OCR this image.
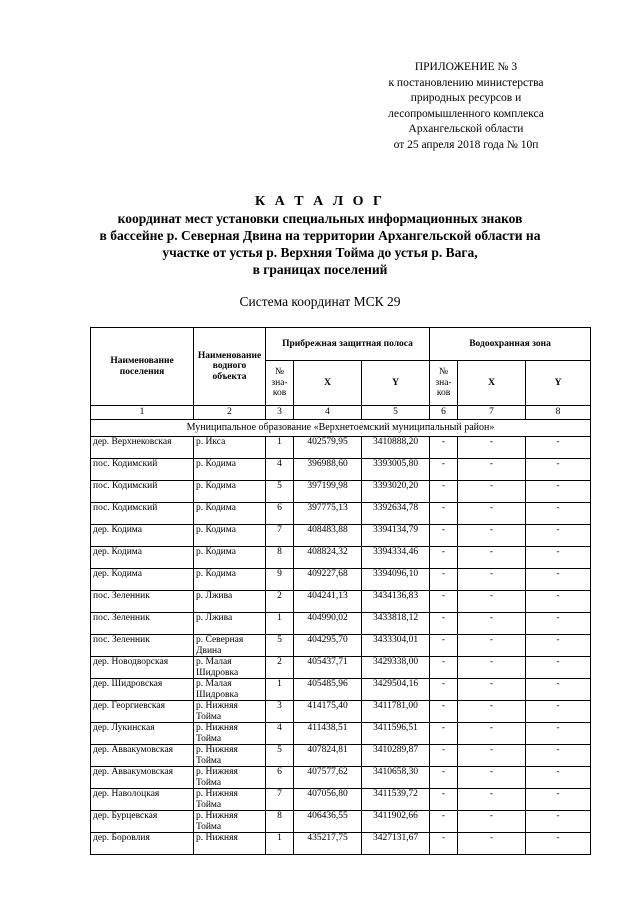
ПРИЛОЖЕНИЕ № 3
к постановлению министерства
природных ресурсов и
лесопромышленного комплекса
Архангельской области
от 25 апреля 2018 года № 10п
К А Т А Л О Г
координат мест установки специальных информационных знаков
в бассейне р. Северная Двина на территории Архангельской области на
участке от устья р. Верхняя Тойма до устья р. Вага,
в границах поселений
Система координат МСК 29
Наименование поселения	Наименование водного объекта	Прибрежная защитная полоса			Водоохранная зона		
		№ зна- ков	X	Y	№ зна- ков	X	Y
1	2	3	4	5	6	7	8
Муниципальное образование «Верхнетоемский муниципальный район»							
дер. Верхнековская	р. Икса	1	402579,95	3410888,20	-	-	-
пос. Кодимский	р. Кодима	4	396988,60	3393005,80	-	-	-
пос. Кодимский	р. Кодима	5	397199,98	3393020,20	-	-	-
пос. Кодимский	р. Кодима	6	397775,13	3392634,78	-	-	-
дер. Кодима	р. Кодима	7	408483,88	3394134,79	-	-	-
дер. Кодима	р. Кодима	8	408824,32	3394334,46	-	-	-
дер. Кодима	р. Кодима	9	409227,68	3394096,10	-	-	-
пос. Зеленник	р. Лжива	2	404241,13	3434136,83	-	-	-
пос. Зеленник	р. Лжива	1	404990,02	3433818,12	-	-	-
пос. Зеленник	р. Северная Двина	5	404295,70	3433304,01	-	-	-
дер. Новодворская	р. Малая Шидровка	2	405437,71	3429338,00	-	-	-
дер. Шидровская	р. Малая Шидровка	1	405485,96	3429504,16	-	-	-
дер. Георгиевская	р. Нижняя Тойма	3	414175,40	3411781,00	-	-	-
дер. Лукинская	р. Нижняя Тойма	4	411438,51	3411596,51	-	-	-
дер. Аввакумовская	р. Нижняя Тойма	5	407824,81	3410289,87	-	-	-
дер. Аввакумовская	р. Нижняя Тойма	6	407577,62	3410658,30	-	-	-
дер. Наволоцкая	р. Нижняя Тойма	7	407056,80	3411539,72	-	-	-
дер. Бурцевская	р. Нижняя Тойма	8	406436,55	3411902,66	-	-	-
дер. Боровлия	р. Нижняя	1	435217,75	3427131,67	-	-	-
